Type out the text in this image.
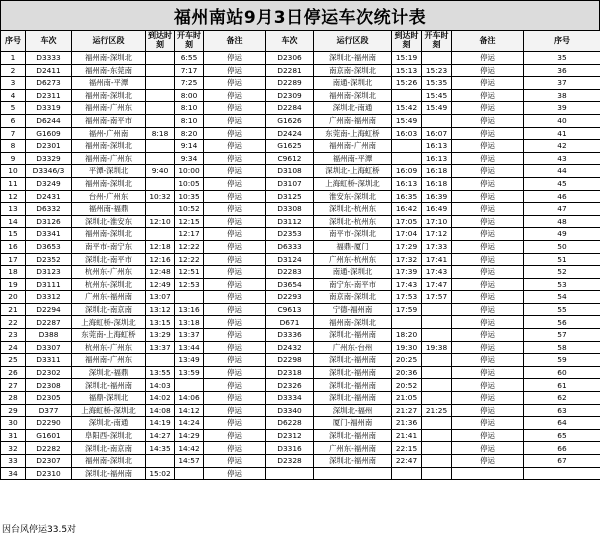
福州南站9月3日停运车次统计表
序号	车次	运行区段	到达时刻	开车时刻	备注	车次	运行区段	到达时刻	开车时刻	备注	序号
1	D3333	福州南-深圳北		6:55	停运	D2306	深圳北-福州南	15:19		停运	35
2	D2411	福州南-东莞南		7:17	停运	D2281	南京南-深圳北	15:13	15:23	停运	36
3	D6273	福州南-平潭		7:25	停运	D2289	南通-深圳北	15:26	15:35	停运	37
4	D2311	福州南-深圳北		8:00	停运	D2309	福州南-深圳北		15:45	停运	38
5	D3319	福州南-广州东		8:10	停运	D2284	深圳北-南通	15:42	15:49	停运	39
6	D6244	福州南-南平市		8:10	停运	G1626	广州南-福州南	15:49		停运	40
7	G1609	福州-广州南	8:18	8:20	停运	D2424	东莞南-上海虹桥	16:03	16:07	停运	41
8	D2301	福州南-深圳北		9:14	停运	G1625	福州南-广州南		16:13	停运	42
9	D3329	福州南-广州东		9:34	停运	C9612	福州南-平潭		16:13	停运	43
10	D3346/3	平潭-深圳北	9:40	10:00	停运	D3108	深圳北-上海虹桥	16:09	16:18	停运	44
11	D3249	福州南-深圳北		10:05	停运	D3107	上海虹桥-深圳北	16:13	16:18	停运	45
12	D2431	台州-广州东	10:32	10:35	停运	D3125	淮安东-深圳北	16:35	16:39	停运	46
13	D6332	福州南-福鼎		10:52	停运	D3308	深圳北-杭州东	16:42	16:49	停运	47
14	D3126	深圳北-淮安东	12:10	12:15	停运	D3112	深圳北-杭州东	17:05	17:10	停运	48
15	D3341	福州南-深圳北		12:17	停运	D2353	南平市-深圳北	17:04	17:12	停运	49
16	D3653	南平市-南宁东	12:18	12:22	停运	D6333	福鼎-厦门	17:29	17:33	停运	50
17	D2352	深圳北-南平市	12:16	12:22	停运	D3124	广州东-杭州东	17:32	17:41	停运	51
18	D3123	杭州东-广州东	12:48	12:51	停运	D2283	南通-深圳北	17:39	17:43	停运	52
19	D3111	杭州东-深圳北	12:49	12:53	停运	D3654	南宁东-南平市	17:43	17:47	停运	53
20	D3312	广州东-福州南	13:07		停运	D2293	南京南-深圳北	17:53	17:57	停运	54
21	D2294	深圳北-南京南	13:12	13:16	停运	C9613	宁德-福州南	17:59		停运	55
22	D2287	上海虹桥-深圳北	13:15	13:18	停运	D671	福州南-深圳北			停运	56
23	D388	东莞南-上海虹桥	13:29	13:37	停运	D3336	深圳北-福州南	18:20		停运	57
24	D3307	杭州东-广州东	13:37	13:44	停运	D2432	广州东-台州	19:30	19:38	停运	58
25	D3311	福州南-广州东		13:49	停运	D2298	深圳北-福州南	20:25		停运	59
26	D2302	深圳北-福鼎	13:55	13:59	停运	D2318	深圳北-福州南	20:36		停运	60
27	D2308	深圳北-福州南	14:03		停运	D2326	深圳北-福州南	20:52		停运	61
28	D2305	福鼎-深圳北	14:02	14:06	停运	D3334	深圳北-福州南	21:05		停运	62
29	D377	上海虹桥-深圳北	14:08	14:12	停运	D3340	深圳北-福州	21:27	21:25	停运	63
30	D2290	深圳北-南通	14:19	14:24	停运	D6228	厦门-福州南	21:36		停运	64
31	G1601	阜阳西-深圳北	14:27	14:29	停运	D2312	深圳北-福州南	21:41		停运	65
32	D2282	深圳北-南京南	14:35	14:42	停运	D3316	广州东-福州南	22:15		停运	66
33	D2307	福州南-深圳北		14:57	停运	D2328	深圳北-福州南	22:47		停运	67
34	D2310	深圳北-福州南	15:02		停运						
因台风停运33.5对
